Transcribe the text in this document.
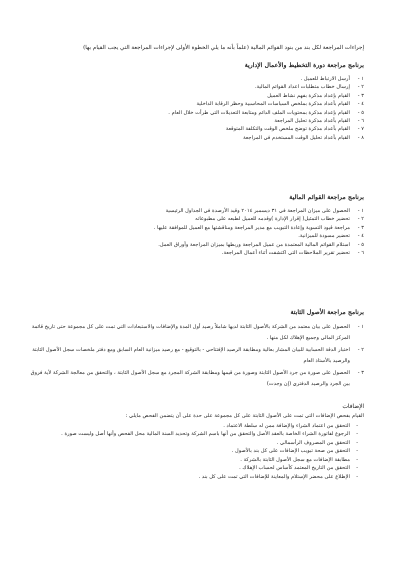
إجراءات المراجعة لكل بند من بنود القوائم المالية (علماً بأنه ما يلي الخطوة الأولى لإجراءات المراجعة التي يجب القيام بها)

برنامج مراجعة دورة التخطيط والأعمال الإدارية

١ -
أرسل الارتباط للعميل .
٢ -
إرسال خطاب متطلبات اعداد القوائم المالية.
٣ -
القيام بإعداد مذكرة بفهم نشاط العميل
٤ -
القيام بأعداد مذكرة بملخص السياسات المحاسبية وحظر الرقابة الداخلية
٥ -
القيام بإعداد مذكرة بمحتويات الملف الدائم ومتابعة التعديلات التي طرأت خلال العام .
٦ -
القيام بأعداد مذكرة تحليل المراجعة
٧ -
القيام بأعداد مذكرة توضح ملخص الوقت والتكلفة المتوقعة
٨ -
القيام بأعداد تحليل الوقت المستخدم في المراجعة

برنامج مراجعة القوائم المالية

١ -
الحصول على ميزان المراجعة في ٣١ ديسمبر ٢٠١٤ وقيد الأرصدة في الجداول الرئيسية
٢ -
تحضير خطاب التمثيل( إقرار الإدارة )وقدمه للعميل لطبعه على مطبوعاته
٣ -
مراجعة قيود التسوية وإعادة التبويب مع مدير المراجعة ومناقشتها مع العميل للموافقة عليها .
٤ -
تحضير مسودة للميزانية.
٥ -
استلام القوائم المالية المعتمدة من عميل المراجعة وربطها بميزان المراجعة وأوراق العمل.
٦ -
تحضير تقرير الملاحظات التي اكتشفت أثناء أعمال المراجعة.

برنامج مراجعة الأصول الثابتة

١ -
الحصول على بيان معتمد من الشركة بالأصول الثابتة لديها شاملاً رصيد أول المدة والإضافات والاستبعادات التي تمت على كل مجموعة حتى تاريخ قائمة المركز المالي وجميع الإهلاك لكل منها .
٢ -
اختبار الدقة الحسابية للبيان المشار بعالية ومطابقة الرصيد الإفتتاحي - بالتوقيع - مع رصيد ميزانية العام السابق ومع دفتر ملخصات سجل الأصول الثابتة والرصيد بالأستاذ العام
٣ -
الحصول على صورة من جرد الأصول الثابتة وصورة من قيمها ومطابقة الشركة المجرد مع سجل الأصول الثابتة ، والتحقق من معالجة الشركة لأية فروق بين الجرد والرصيد الدفتري (إن وجدت)

الإضافات

القيام بفحص الإضافات التي تمت على الأصول الثابتة على كل مجموعة على حدة على أن يتضمن الفحص مايلي :

-
التحقق من اعتماد الشراء والإضافة ممن له سلطة الاعتماد .
-
الرجوع لفاتورة الشراء الخاصة بالعقد الأصل والتحقق من أنها باسم الشركة وتحديد السنة المالية محل الفحص وأنها أصل وليست صورة .
-
التحقق من المصروف الرأسمالي .
-
التحقق من صحة تبويب الإضافات على كل بند بالأصول .
-
مطابقة الإضافات مع سجل الأصول الثابتة بالشركة .
-
التحقق من التاريخ المعتمد كأساس لحساب الإهلاك .
-
الإطلاع على محضر الإستلام والمعاينة للإضافات التي تمت على كل بند .
